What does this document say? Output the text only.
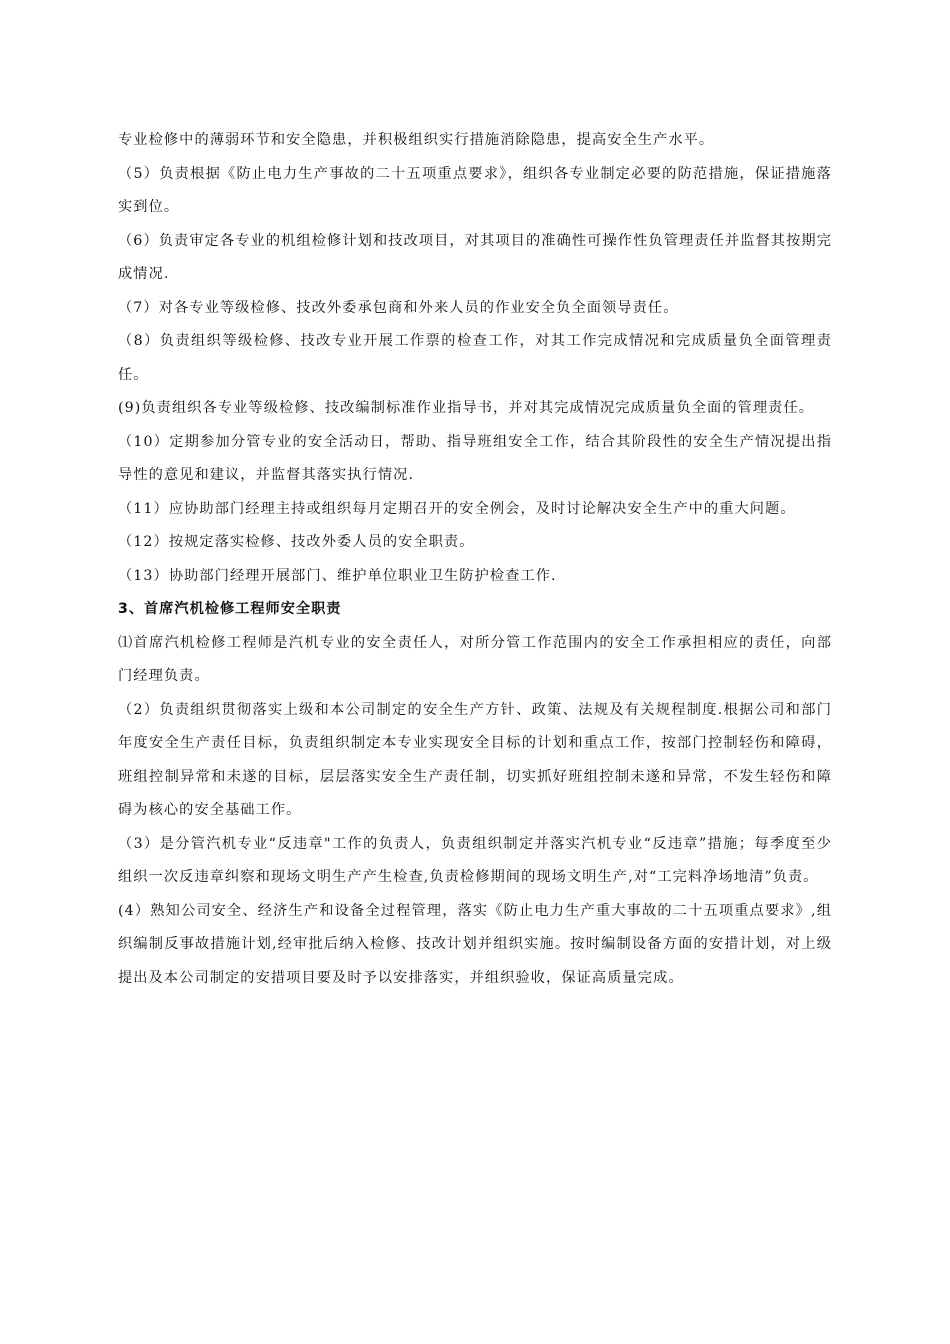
专业检修中的薄弱环节和安全隐患，并积极组织实行措施消除隐患，提高安全生产水平。

（5）负责根据《防止电力生产事故的二十五项重点要求》，组织各专业制定必要的防范措施，保证措施落实到位。

（6）负责审定各专业的机组检修计划和技改项目，对其项目的准确性可操作性负管理责任并监督其按期完成情况.

（7）对各专业等级检修、技改外委承包商和外来人员的作业安全负全面领导责任。

（8）负责组织等级检修、技改专业开展工作票的检查工作，对其工作完成情况和完成质量负全面管理责任。

(9)负责组织各专业等级检修、技改编制标准作业指导书，并对其完成情况完成质量负全面的管理责任。

（10）定期参加分管专业的安全活动日，帮助、指导班组安全工作，结合其阶段性的安全生产情况提出指导性的意见和建议，并监督其落实执行情况.

（11）应协助部门经理主持或组织每月定期召开的安全例会，及时讨论解决安全生产中的重大问题。

（12）按规定落实检修、技改外委人员的安全职责。

（13）协助部门经理开展部门、维护单位职业卫生防护检查工作.

3、首席汽机检修工程师安全职责

⑴首席汽机检修工程师是汽机专业的安全责任人，对所分管工作范围内的安全工作承担相应的责任，向部门经理负责。

（2）负责组织贯彻落实上级和本公司制定的安全生产方针、政策、法规及有关规程制度.根据公司和部门年度安全生产责任目标，负责组织制定本专业实现安全目标的计划和重点工作，按部门控制轻伤和障碍，班组控制异常和未遂的目标，层层落实安全生产责任制，切实抓好班组控制未遂和异常，不发生轻伤和障碍为核心的安全基础工作。

（3）是分管汽机专业“反违章"工作的负责人，负责组织制定并落实汽机专业“反违章”措施；每季度至少组织一次反违章纠察和现场文明生产产生检查,负责检修期间的现场文明生产,对“工完料净场地清”负责。

(4）熟知公司安全、经济生产和设备全过程管理，落实《防止电力生产重大事故的二十五项重点要求》,组织编制反事故措施计划,经审批后纳入检修、技改计划并组织实施。按时编制设备方面的安措计划，对上级提出及本公司制定的安措项目要及时予以安排落实，并组织验收，保证高质量完成。
